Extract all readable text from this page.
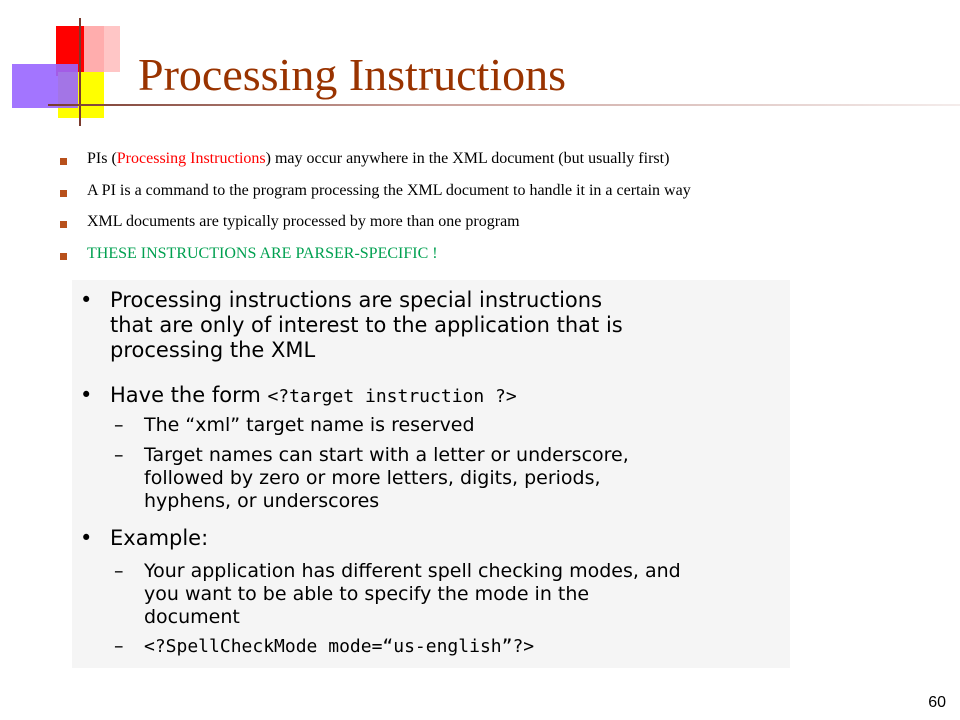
Processing Instructions
PIs (Processing Instructions) may occur anywhere in the XML document (but usually first)
A PI is a command to the program processing the XML document to handle it in a certain way
XML documents are typically processed by more than one program
THESE INSTRUCTIONS ARE PARSER-SPECIFIC !
• Processing instructions are special instructions
that are only of interest to the application that is
processing the XML
• Have the form <?target instruction ?>
– The “xml” target name is reserved
– Target names can start with a letter or underscore,
followed by zero or more letters, digits, periods,
hyphens, or underscores
• Example:
– Your application has different spell checking modes, and
you want to be able to specify the mode in the
document
– <?SpellCheckMode mode=“us-english”?>
60
